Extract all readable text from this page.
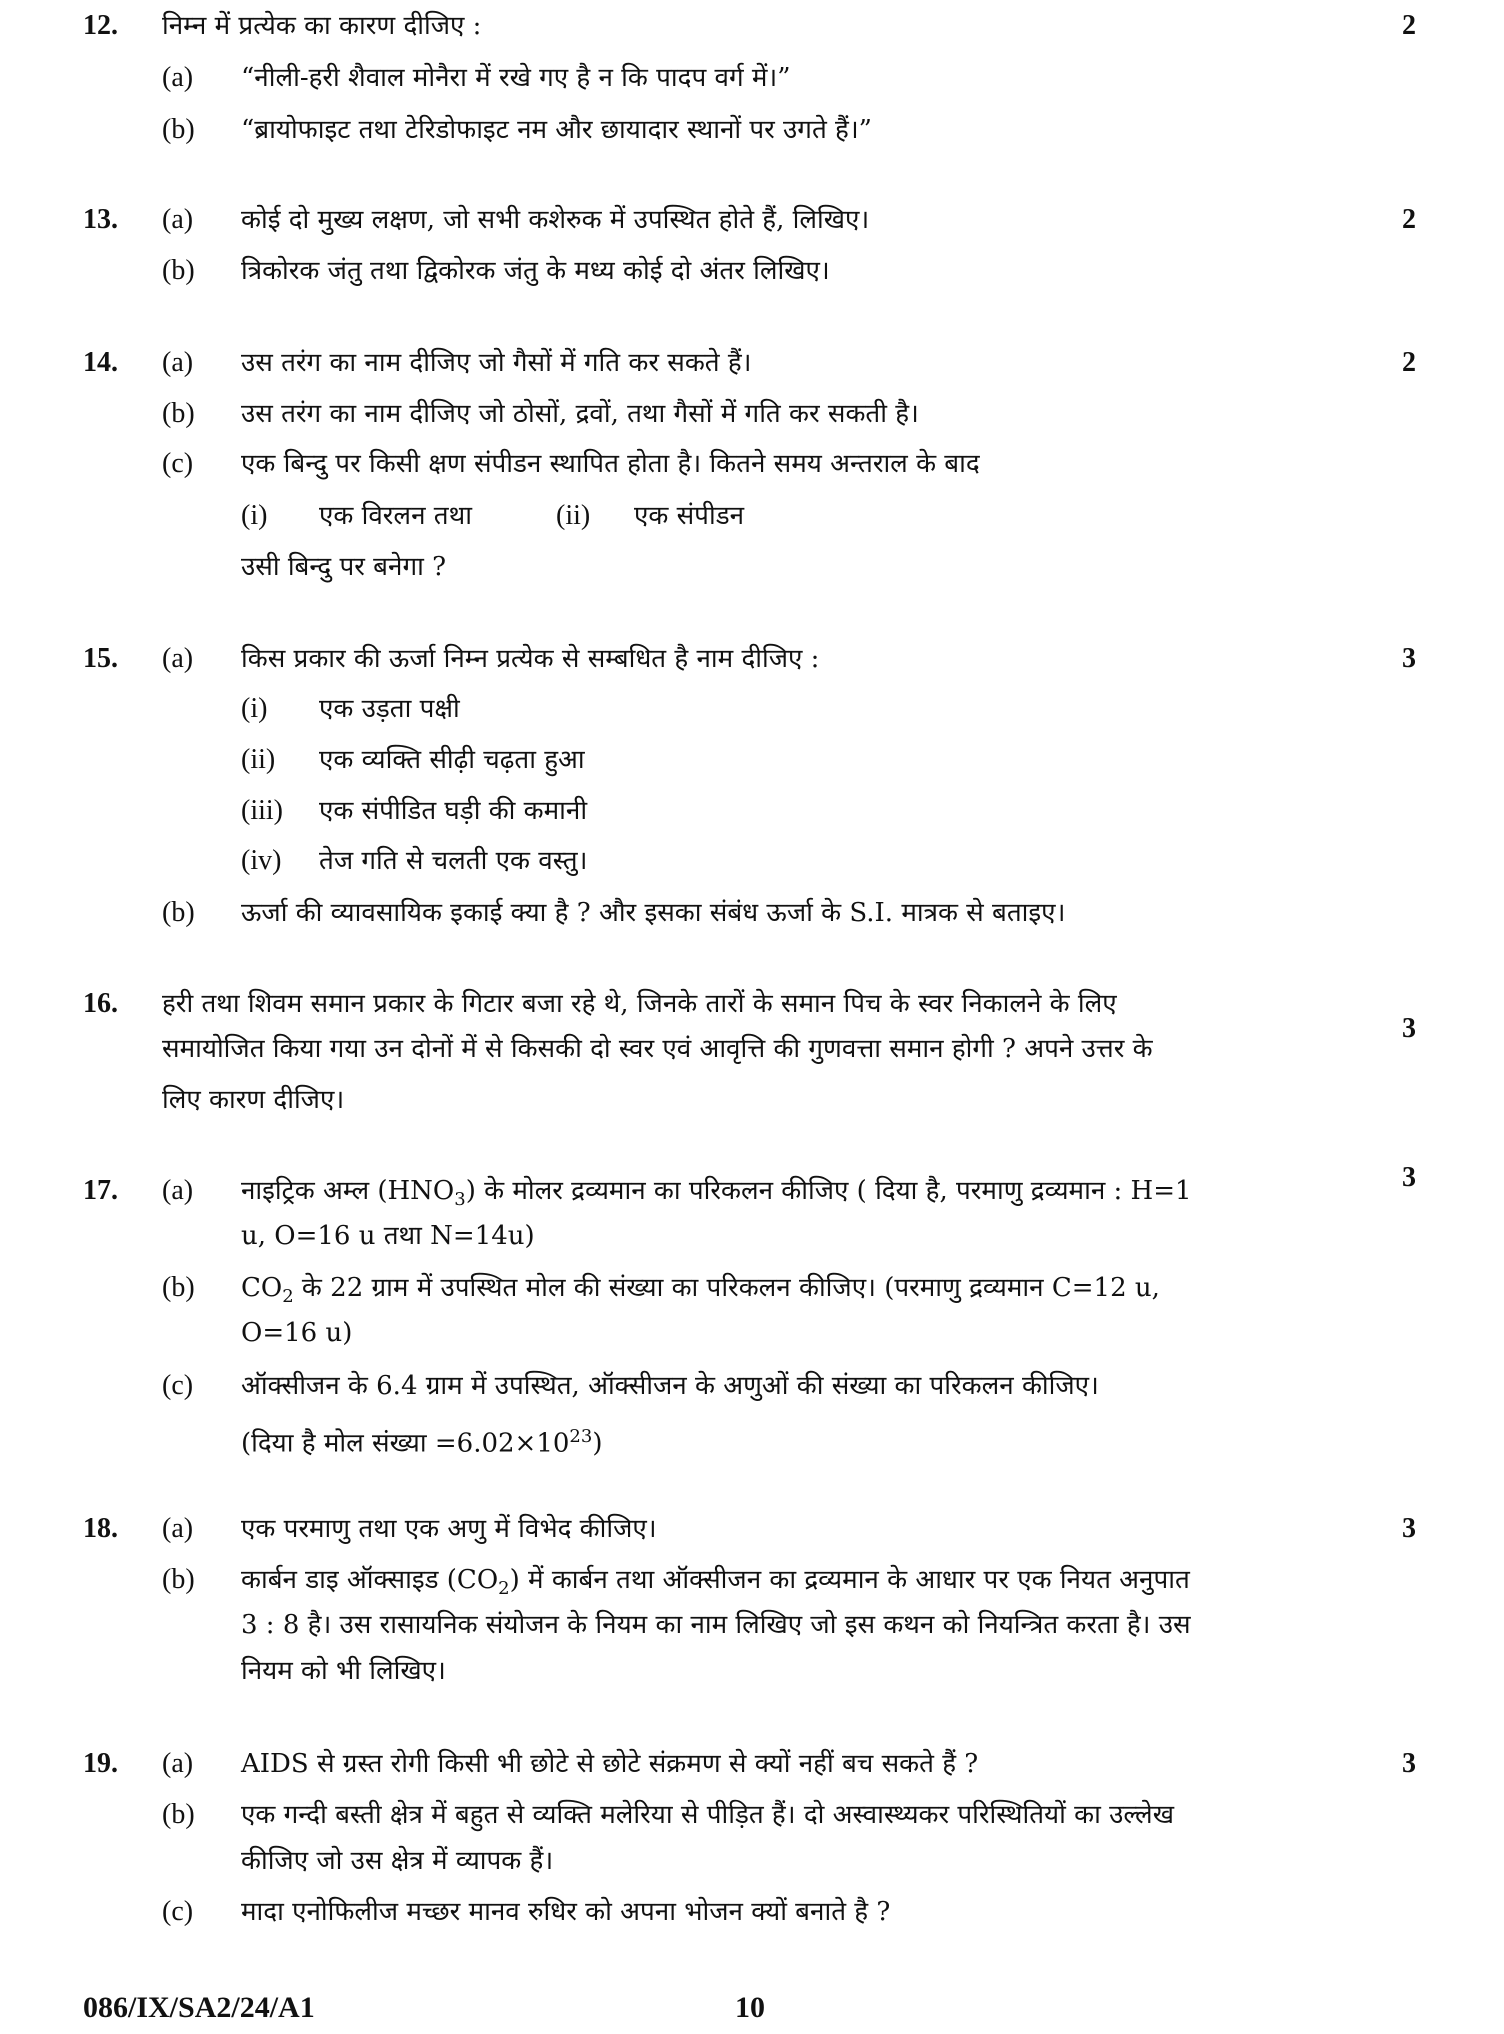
12. निम्न में प्रत्येक का कारण दीजिए :	2
(a) “नीली-हरी शैवाल मोनैरा में रखे गए है न कि पादप वर्ग में।”
(b) “ब्रायोफाइट तथा टेरिडोफाइट नम और छायादार स्थानों पर उगते हैं।”
13.	2
(a) कोई दो मुख्य लक्षण, जो सभी कशेरुक में उपस्थित होते हैं, लिखिए।
(b) त्रिकोरक जंतु तथा द्विकोरक जंतु के मध्य कोई दो अंतर लिखिए।
14.	2
(a) उस तरंग का नाम दीजिए जो गैसों में गति कर सकते हैं।
(b) उस तरंग का नाम दीजिए जो ठोसों, द्रवों, तथा गैसों में गति कर सकती है।
(c) एक बिन्दु पर किसी क्षण संपीडन स्थापित होता है। कितने समय अन्तराल के बाद
(i) एक विरलन तथा	(ii) एक संपीडन
उसी बिन्दु पर बनेगा ?
15.	3
(a) किस प्रकार की ऊर्जा निम्न प्रत्येक से सम्बधित है नाम दीजिए :
(i) एक उड़ता पक्षी
(ii) एक व्यक्ति सीढ़ी चढ़ता हुआ
(iii) एक संपीडित घड़ी की कमानी
(iv) तेज गति से चलती एक वस्तु।
(b) ऊर्जा की व्यावसायिक इकाई क्या है ? और इसका संबंध ऊर्जा के S.I. मात्रक से बताइए।
16.
3
हरी तथा शिवम समान प्रकार के गिटार बजा रहे थे, जिनके तारों के समान पिच के स्वर निकालने के लिए
समायोजित किया गया उन दोनों में से किसकी दो स्वर एवं आवृत्ति की गुणवत्ता समान होगी ? अपने उत्तर के
लिए कारण दीजिए।
17.	3
(a) नाइट्रिक अम्ल $(HNO_3)$ के मोलर द्रव्यमान का परिकलन कीजिए ( दिया है, परमाणु द्रव्यमान : H=1
u, O=16 u तथा N=14u)
(b) $CO_2$ के 22 ग्राम में उपस्थित मोल की संख्या का परिकलन कीजिए। (परमाणु द्रव्यमान C=12 u,
O=16 u)
(c) ऑक्सीजन के 6.4 ग्राम में उपस्थित, ऑक्सीजन के अणुओं की संख्या का परिकलन कीजिए।
(दिया है मोल संख्या $=6.02\times 10^{23}$)
18.	3
(a) एक परमाणु तथा एक अणु में विभेद कीजिए।
(b) कार्बन डाइ ऑक्साइड $(CO_2)$ में कार्बन तथा ऑक्सीजन का द्रव्यमान के आधार पर एक नियत अनुपात
3 : 8 है। उस रासायनिक संयोजन के नियम का नाम लिखिए जो इस कथन को नियन्त्रित करता है। उस
नियम को भी लिखिए।
19.	3
(a) AIDS से ग्रस्त रोगी किसी भी छोटे से छोटे संक्रमण से क्यों नहीं बच सकते हैं ?
(b) एक गन्दी बस्ती क्षेत्र में बहुत से व्यक्ति मलेरिया से पीड़ित हैं। दो अस्वास्थ्यकर परिस्थितियों का उल्लेख
कीजिए जो उस क्षेत्र में व्यापक हैं।
(c) मादा एनोफिलीज मच्छर मानव रुधिर को अपना भोजन क्यों बनाते है ?
086/IX/SA2/24/A1	10
